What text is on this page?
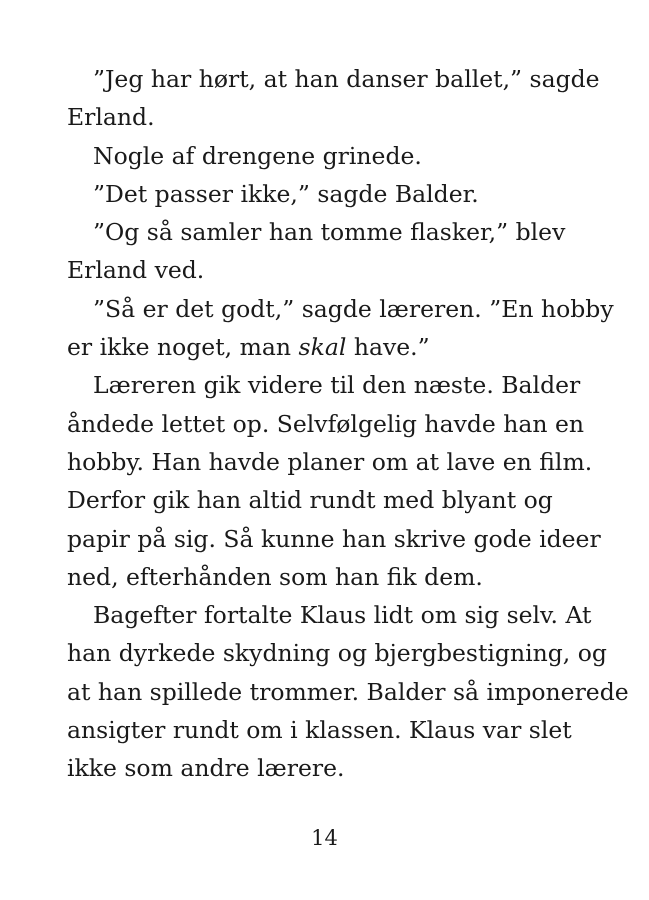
”Jeg har hørt, at han danser ballet,” sagde
Erland.
Nogle af drengene grinede.
”Det passer ikke,” sagde Balder.
”Og så samler han tomme flasker,” blev
Erland ved.
”Så er det godt,” sagde læreren. ”En hobby
er ikke noget, man skal have.”
Læreren gik videre til den næste. Balder
åndede lettet op. Selvfølgelig havde han en
hobby. Han havde planer om at lave en film.
Derfor gik han altid rundt med blyant og
papir på sig. Så kunne han skrive gode ideer
ned, efterhånden som han fik dem.
Bagefter fortalte Klaus lidt om sig selv. At
han dyrkede skydning og bjergbestigning, og
at han spillede trommer. Balder så imponerede
ansigter rundt om i klassen. Klaus var slet
ikke som andre lærere.
14
